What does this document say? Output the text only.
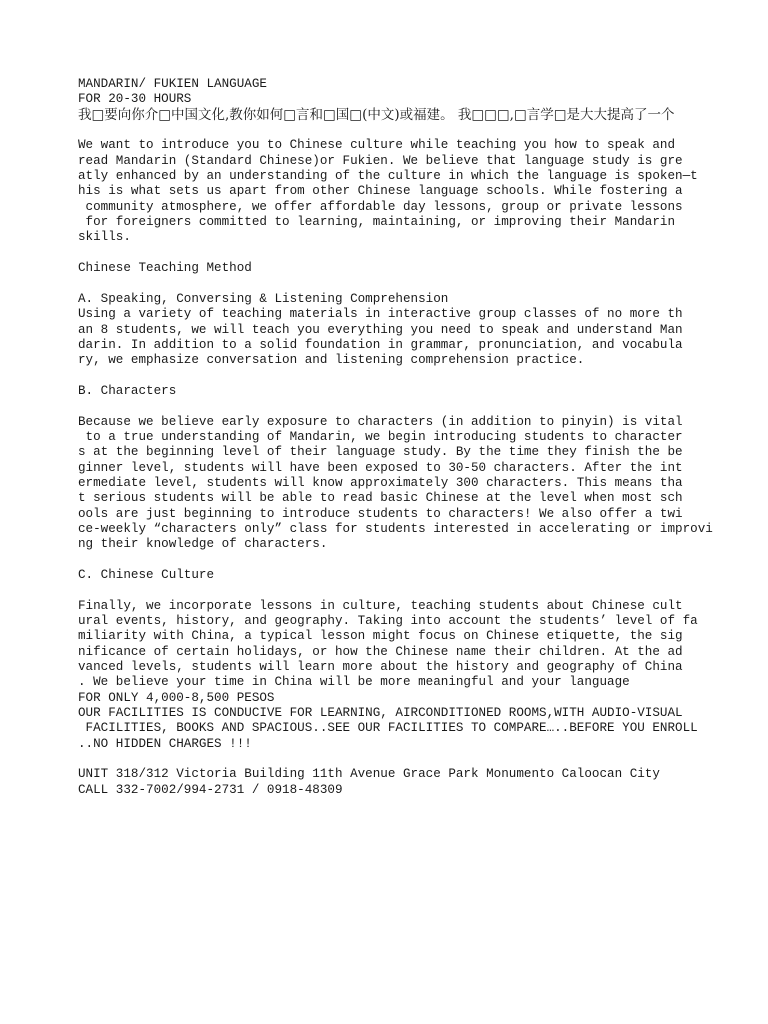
MANDARIN/ FUKIEN LANGUAGE
FOR 20-30 HOURS
我□要向你介□中国文化,教你如何□言和□国□(中文)或福建。 我□□□,□言学□是大大提高了一个
We want to introduce you to Chinese culture while teaching you how to speak and
read Mandarin (Standard Chinese)or Fukien. We believe that language study is gre
atly enhanced by an understanding of the culture in which the language is spoken—t
his is what sets us apart from other Chinese language schools. While fostering a
community atmosphere, we offer affordable day lessons, group or private lessons
for foreigners committed to learning, maintaining, or improving their Mandarin
skills.
Chinese Teaching Method
A. Speaking, Conversing & Listening Comprehension
Using a variety of teaching materials in interactive group classes of no more th
an 8 students, we will teach you everything you need to speak and understand Man
darin. In addition to a solid foundation in grammar, pronunciation, and vocabula
ry, we emphasize conversation and listening comprehension practice.
B. Characters
Because we believe early exposure to characters (in addition to pinyin) is vital
to a true understanding of Mandarin, we begin introducing students to character
s at the beginning level of their language study. By the time they finish the be
ginner level, students will have been exposed to 30-50 characters. After the int
ermediate level, students will know approximately 300 characters. This means tha
t serious students will be able to read basic Chinese at the level when most sch
ools are just beginning to introduce students to characters! We also offer a twi
ce-weekly “characters only” class for students interested in accelerating or improvi
ng their knowledge of characters.
C. Chinese Culture
Finally, we incorporate lessons in culture, teaching students about Chinese cult
ural events, history, and geography. Taking into account the students’ level of fa
miliarity with China, a typical lesson might focus on Chinese etiquette, the sig
nificance of certain holidays, or how the Chinese name their children. At the ad
vanced levels, students will learn more about the history and geography of China
. We believe your time in China will be more meaningful and your language
FOR ONLY 4,000-8,500 PESOS
OUR FACILITIES IS CONDUCIVE FOR LEARNING, AIRCONDITIONED ROOMS,WITH AUDIO-VISUAL
FACILITIES, BOOKS AND SPACIOUS..SEE OUR FACILITIES TO COMPARE…..BEFORE YOU ENROLL
..NO HIDDEN CHARGES !!!
UNIT 318/312 Victoria Building 11th Avenue Grace Park Monumento Caloocan City
CALL 332-7002/994-2731 / 0918-48309
